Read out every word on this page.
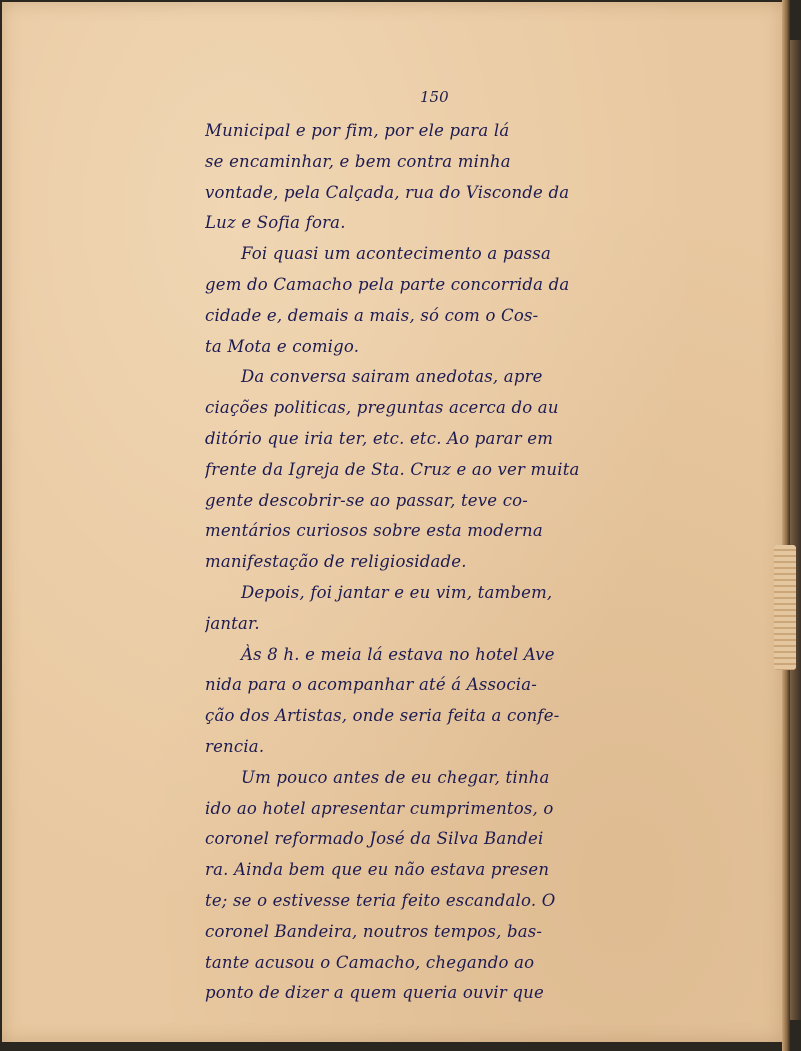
150

Municipal e por fim, por ele para lá
se encaminhar, e bem contra minha
vontade, pela Calçada, rua do Visconde da
Luz e Sofia fora.
Foi quasi um acontecimento a passa
gem do Camacho pela parte concorrida da
cidade e, demais a mais, só com o Cos-
ta Mota e comigo.
Da conversa sairam anedotas, apre
ciações politicas, preguntas acerca do au
ditório que iria ter, etc. etc. Ao parar em
frente da Igreja de Sta. Cruz e ao ver muita
gente descobrir-se ao passar, teve co-
mentários curiosos sobre esta moderna
manifestação de religiosidade.
Depois, foi jantar e eu vim, tambem,
jantar.
Às 8 h. e meia lá estava no hotel Ave
nida para o acompanhar até á Associa-
ção dos Artistas, onde seria feita a confe-
rencia.
Um pouco antes de eu chegar, tinha
ido ao hotel apresentar cumprimentos, o
coronel reformado José da Silva Bandei
ra. Ainda bem que eu não estava presen
te; se o estivesse teria feito escandalo. O
coronel Bandeira, noutros tempos, bas-
tante acusou o Camacho, chegando ao
ponto de dizer a quem queria ouvir que
